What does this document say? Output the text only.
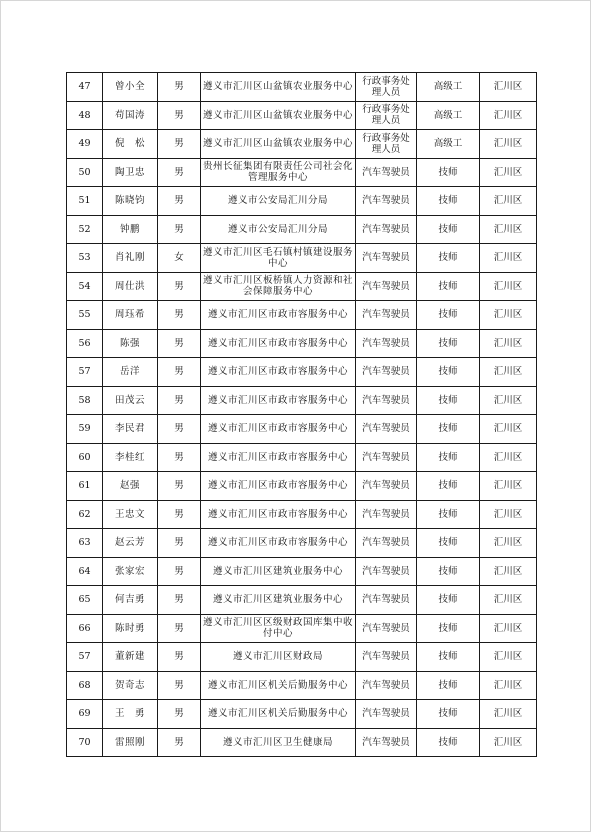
47	曾小全	男	遵义市汇川区山盆镇农业服务中心	行政事务处理人员	高级工	汇川区
48	苟国涛	男	遵义市汇川区山盆镇农业服务中心	行政事务处理人员	高级工	汇川区
49	倪　松	男	遵义市汇川区山盆镇农业服务中心	行政事务处理人员	高级工	汇川区
50	陶卫忠	男	贵州长征集团有限责任公司社会化管理服务中心	汽车驾驶员	技师	汇川区
51	陈晓钧	男	遵义市公安局汇川分局	汽车驾驶员	技师	汇川区
52	钟鹏	男	遵义市公安局汇川分局	汽车驾驶员	技师	汇川区
53	肖礼刚	女	遵义市汇川区毛石镇村镇建设服务中心	汽车驾驶员	技师	汇川区
54	周仕洪	男	遵义市汇川区板桥镇人力资源和社会保障服务中心	汽车驾驶员	技师	汇川区
55	周珏希	男	遵义市汇川区市政市容服务中心	汽车驾驶员	技师	汇川区
56	陈强	男	遵义市汇川区市政市容服务中心	汽车驾驶员	技师	汇川区
57	岳洋	男	遵义市汇川区市政市容服务中心	汽车驾驶员	技师	汇川区
58	田茂云	男	遵义市汇川区市政市容服务中心	汽车驾驶员	技师	汇川区
59	李民君	男	遵义市汇川区市政市容服务中心	汽车驾驶员	技师	汇川区
60	李桂红	男	遵义市汇川区市政市容服务中心	汽车驾驶员	技师	汇川区
61	赵强	男	遵义市汇川区市政市容服务中心	汽车驾驶员	技师	汇川区
62	王忠文	男	遵义市汇川区市政市容服务中心	汽车驾驶员	技师	汇川区
63	赵云芳	男	遵义市汇川区市政市容服务中心	汽车驾驶员	技师	汇川区
64	张家宏	男	遵义市汇川区建筑业服务中心	汽车驾驶员	技师	汇川区
65	何吉勇	男	遵义市汇川区建筑业服务中心	汽车驾驶员	技师	汇川区
66	陈时勇	男	遵义市汇川区区级财政国库集中收付中心	汽车驾驶员	技师	汇川区
57	董新建	男	遵义市汇川区财政局	汽车驾驶员	技师	汇川区
68	贺奇志	男	遵义市汇川区机关后勤服务中心	汽车驾驶员	技师	汇川区
69	王　勇	男	遵义市汇川区机关后勤服务中心	汽车驾驶员	技师	汇川区
70	雷照刚	男	遵义市汇川区卫生健康局	汽车驾驶员	技师	汇川区
